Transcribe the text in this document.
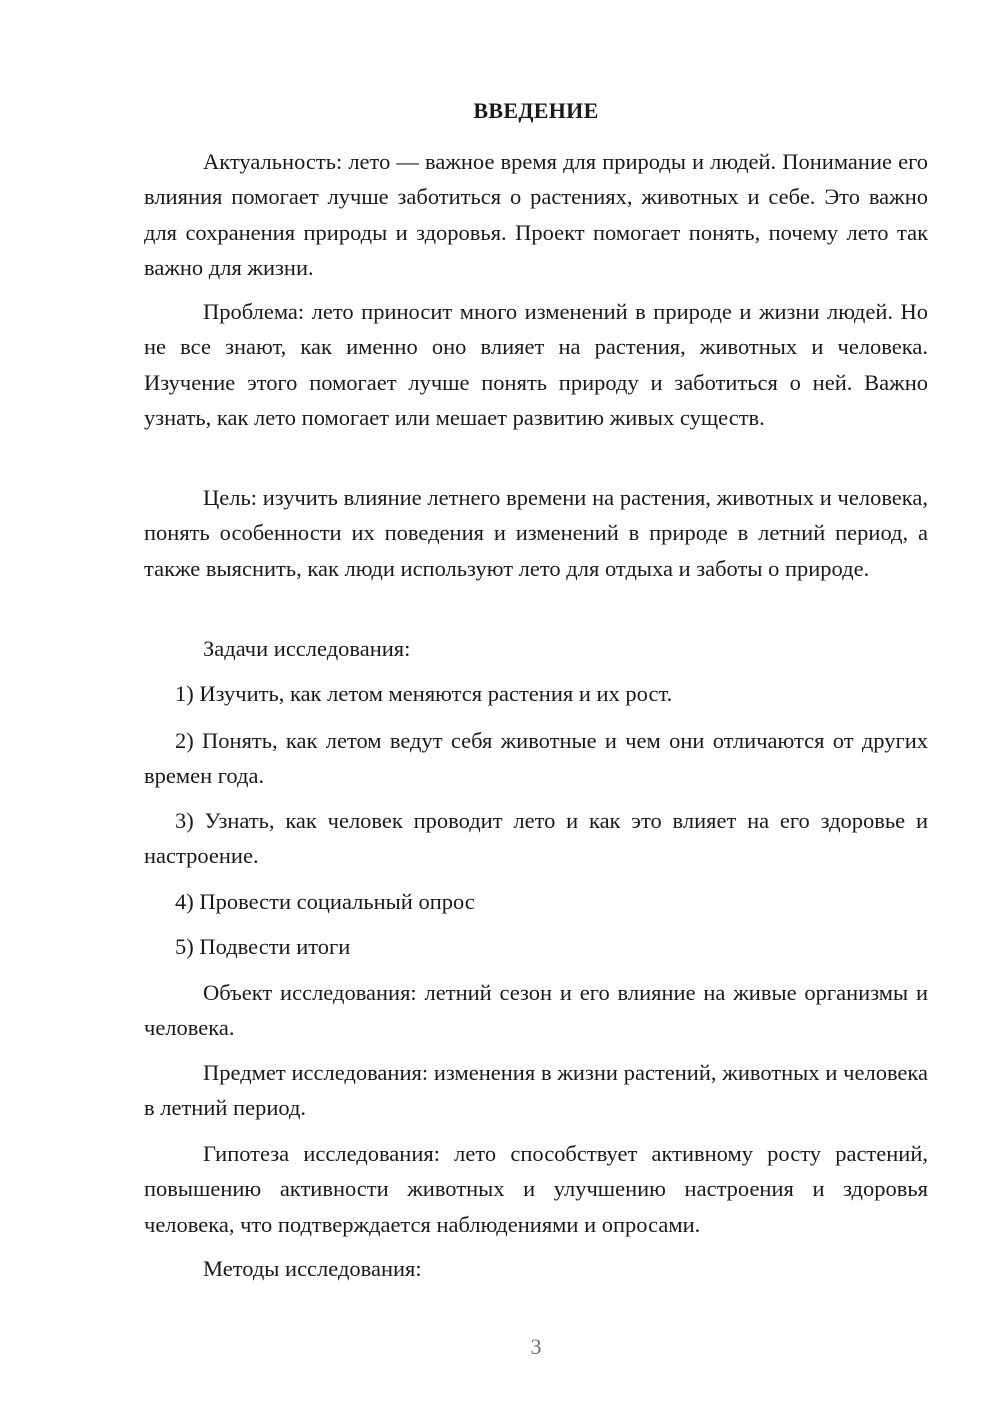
ВВЕДЕНИЕ

Актуальность: лето — важное время для природы и людей. Понимание его влияния помогает лучше заботиться о растениях, животных и себе. Это важно для сохранения природы и здоровья. Проект помогает понять, почему лето так важно для жизни.

Проблема: лето приносит много изменений в природе и жизни людей. Но не все знают, как именно оно влияет на растения, животных и человека. Изучение этого помогает лучше понять природу и заботиться о ней. Важно узнать, как лето помогает или мешает развитию живых существ.

Цель: изучить влияние летнего времени на растения, животных и человека, понять особенности их поведения и изменений в природе в летний период, а также выяснить, как люди используют лето для отдыха и заботы о природе.

Задачи исследования:

1) Изучить, как летом меняются растения и их рост.

2) Понять, как летом ведут себя животные и чем они отличаются от других времен года.

3) Узнать, как человек проводит лето и как это влияет на его здоровье и настроение.

4) Провести социальный опрос

5) Подвести итоги

Объект исследования: летний сезон и его влияние на живые организмы и человека.

Предмет исследования: изменения в жизни растений, животных и человека в летний период.

Гипотеза исследования: лето способствует активному росту растений, повышению активности животных и улучшению настроения и здоровья человека, что подтверждается наблюдениями и опросами.

Методы исследования:

3
